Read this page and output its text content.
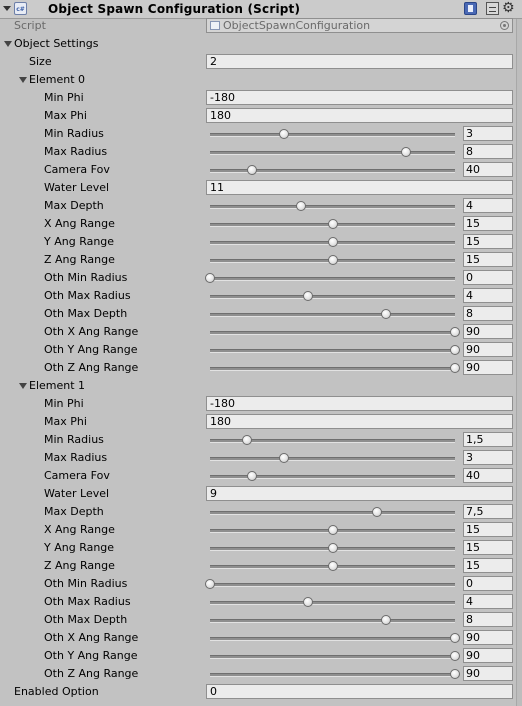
c# Object Spawn Configuration (Script)	⚙
Script	ObjectSpawnConfiguration
Object Settings
Size	2
Element 0
Min Phi	-180
Max Phi	180
Min Radius	3
Max Radius	8
Camera Fov	40
Water Level	11
Max Depth	4
X Ang Range	15
Y Ang Range	15
Z Ang Range	15
Oth Min Radius	0
Oth Max Radius	4
Oth Max Depth	8
Oth X Ang Range	90
Oth Y Ang Range	90
Oth Z Ang Range	90
Element 1
Min Phi	-180
Max Phi	180
Min Radius	1,5
Max Radius	3
Camera Fov	40
Water Level	9
Max Depth	7,5
X Ang Range	15
Y Ang Range	15
Z Ang Range	15
Oth Min Radius	0
Oth Max Radius	4
Oth Max Depth	8
Oth X Ang Range	90
Oth Y Ang Range	90
Oth Z Ang Range	90
Enabled Option	0
